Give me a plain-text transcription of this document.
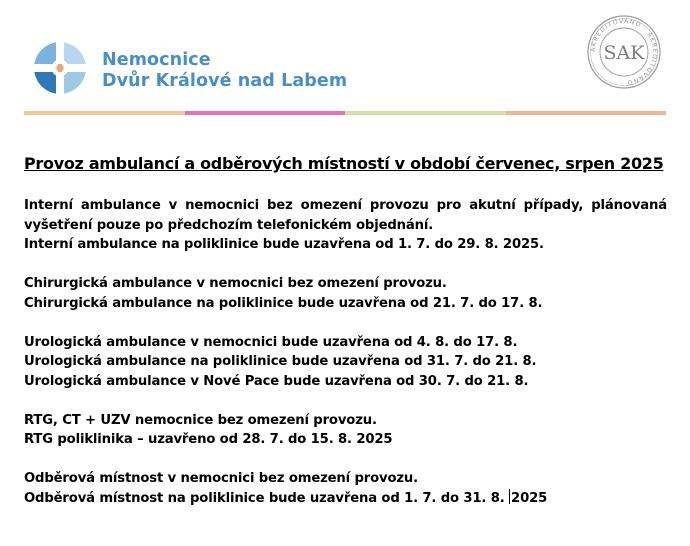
Nemocnice
Dvůr Králové nad Labem
AKREDITOVÁNO · AKREDITOVÁNO ·
SAK
Provoz ambulancí a odběrových místností v období červenec, srpen 2025
Interní ambulance v nemocnici bez omezení provozu pro akutní případy, plánovaná vyšetření pouze po předchozím telefonickém objednání.
Interní ambulance na poliklinice bude uzavřena od 1. 7. do 29. 8. 2025.
Chirurgická ambulance v nemocnici bez omezení provozu.
Chirurgická ambulance na poliklinice bude uzavřena od 21. 7. do 17. 8.
Urologická ambulance v nemocnici bude uzavřena od 4. 8. do 17. 8.
Urologická ambulance na poliklinice bude uzavřena od 31. 7. do 21. 8.
Urologická ambulance v Nové Pace bude uzavřena od 30. 7. do 21. 8.
RTG, CT + UZV nemocnice bez omezení provozu.
RTG poliklinika – uzavřeno od 28. 7. do 15. 8. 2025
Odběrová místnost v nemocnici bez omezení provozu.
Odběrová místnost na poliklinice bude uzavřena od 1. 7. do 31. 8. 2025
